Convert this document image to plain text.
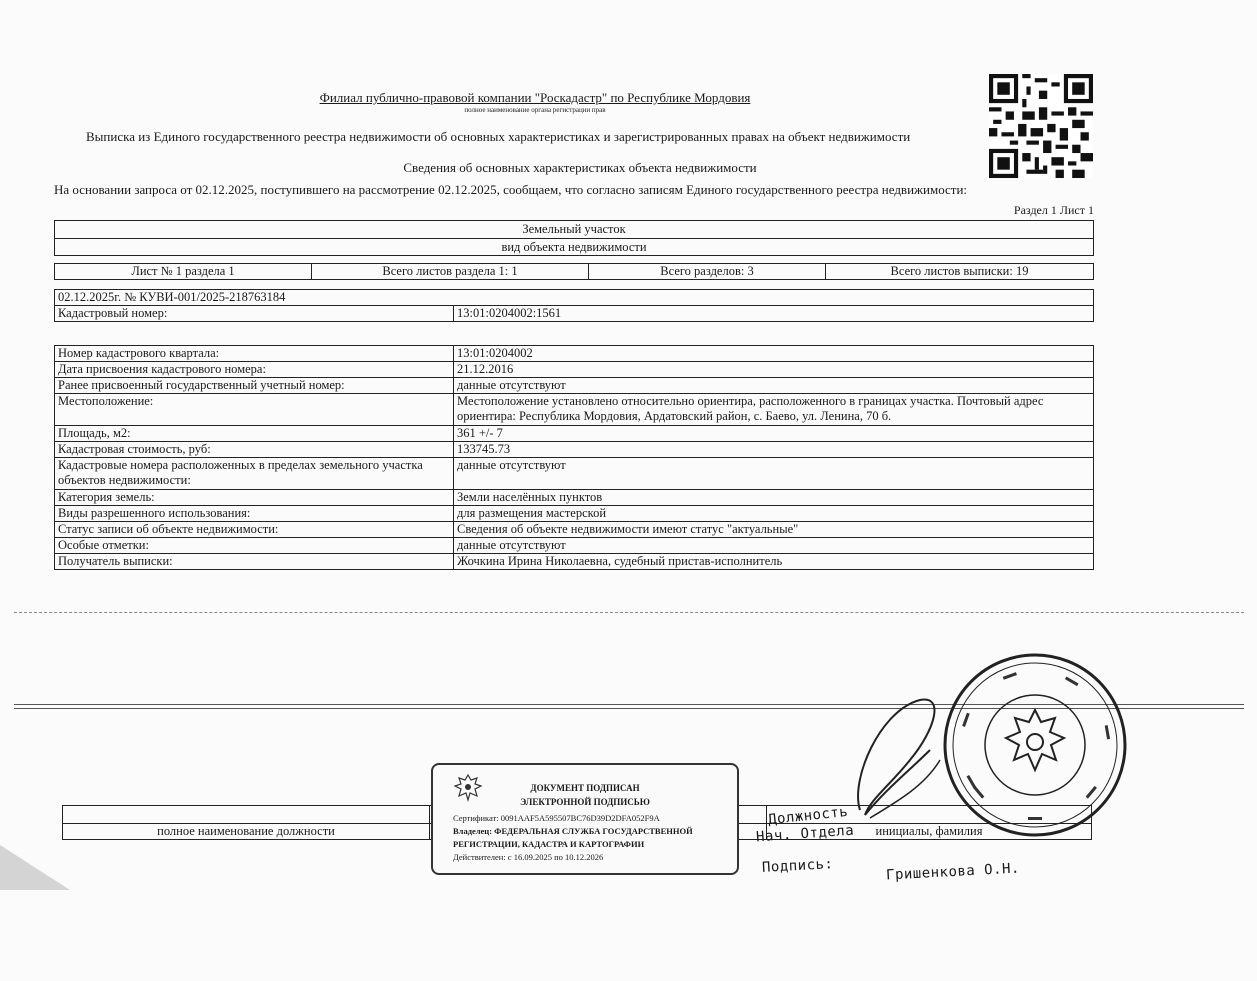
Филиал публично-правовой компании "Роскадастр" по Республике Мордовия
полное наименование органа регистрации прав
Выписка из Единого государственного реестра недвижимости об основных характеристиках и зарегистрированных правах на объект недвижимости
Сведения об основных характеристиках объекта недвижимости
На основании запроса от 02.12.2025, поступившего на рассмотрение 02.12.2025, сообщаем, что согласно записям Единого государственного реестра недвижимости:
Раздел 1 Лист 1
Земельный участок
вид объекта недвижимости
Лист № 1 раздела 1	Всего листов раздела 1: 1	Всего разделов: 3	Всего листов выписки: 19
02.12.2025г. № КУВИ-001/2025-218763184
Кадастровый номер:	13:01:0204002:1561
Номер кадастрового квартала:	13:01:0204002
Дата присвоения кадастрового номера:	21.12.2016
Ранее присвоенный государственный учетный номер:	данные отсутствуют
Местоположение:	Местоположение установлено относительно ориентира, расположенного в границах участка. Почтовый адрес ориентира: Республика Мордовия, Ардатовский район, с. Баево, ул. Ленина, 70 б.
Площадь, м2:	361 +/- 7
Кадастровая стоимость, руб:	133745.73
Кадастровые номера расположенных в пределах земельного участка объектов недвижимости:	данные отсутствуют
Категория земель:	Земли населённых пунктов
Виды разрешенного использования:	для размещения мастерской
Статус записи об объекте недвижимости:	Сведения об объекте недвижимости имеют статус "актуальные"
Особые отметки:	данные отсутствуют
Получатель выписки:	Жочкина Ирина Николаевна, судебный пристав-исполнитель

полное наименование должности		инициалы, фамилия
ДОКУМЕНТ ПОДПИСАН
ЭЛЕКТРОННОЙ ПОДПИСЬЮ
Сертификат: 0091AAF5A595507BC76D39D2DFA052F9A
Владелец: ФЕДЕРАЛЬНАЯ СЛУЖБА ГОСУДАРСТВЕННОЙ
РЕГИСТРАЦИИ, КАДАСТРА И КАРТОГРАФИИ
Действителен: с 16.09.2025 по 10.12.2026
Должность
Нач. Отдела
Подпись:	Гришенкова О.Н.
